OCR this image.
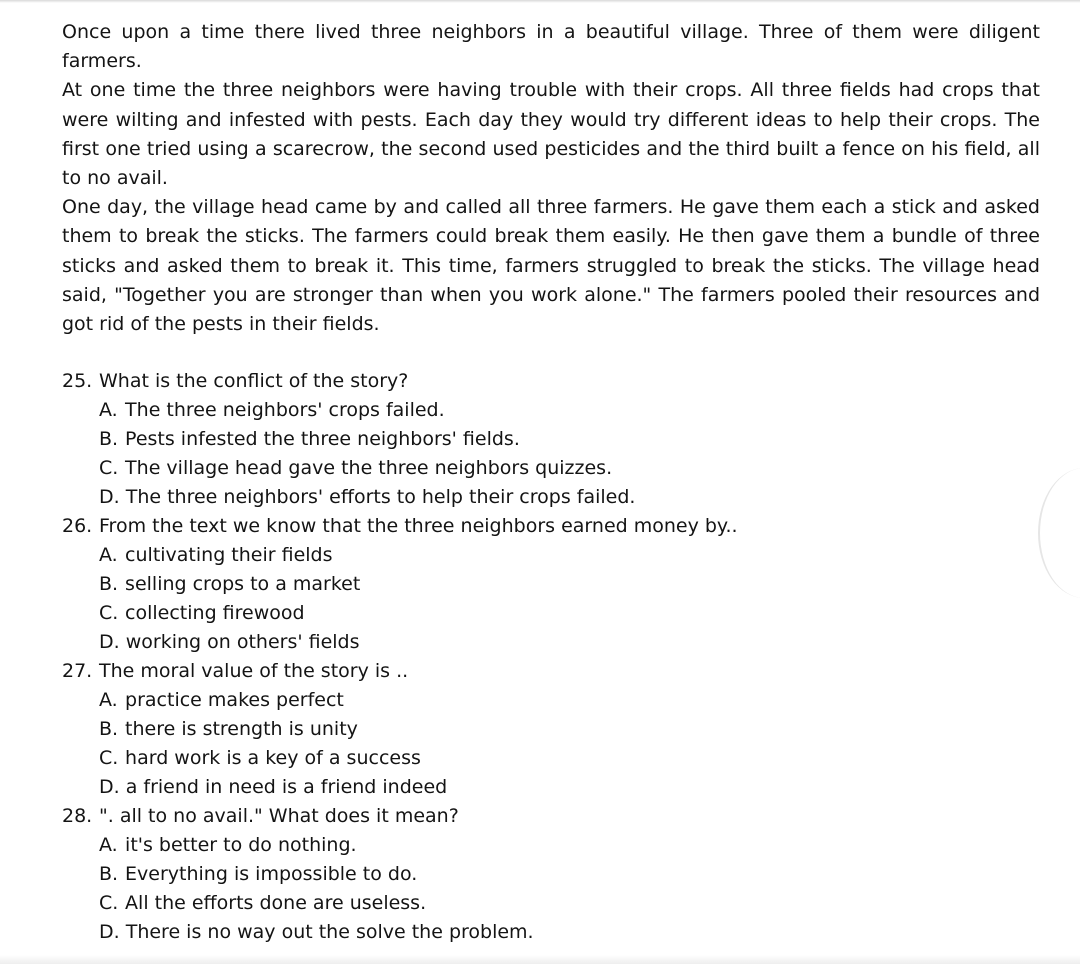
Once upon a time there lived three neighbors in a beautiful village. Three of them were diligent farmers.

At one time the three neighbors were having trouble with their crops. All three fields had crops that were wilting and infested with pests. Each day they would try different ideas to help their crops. The first one tried using a scarecrow, the second used pesticides and the third built a fence on his field, all to no avail.

One day, the village head came by and called all three farmers. He gave them each a stick and asked them to break the sticks. The farmers could break them easily. He then gave them a bundle of three sticks and asked them to break it. This time, farmers struggled to break the sticks. The village head said, "Together you are stronger than when you work alone." The farmers pooled their resources and got rid of the pests in their fields.

25. What is the conflict of the story?
A. The three neighbors' crops failed.
B. Pests infested the three neighbors' fields.
C. The village head gave the three neighbors quizzes.
D. The three neighbors' efforts to help their crops failed.
26. From the text we know that the three neighbors earned money by..
A. cultivating their fields
B. selling crops to a market
C. collecting firewood
D. working on others' fields
27. The moral value of the story is ..
A. practice makes perfect
B. there is strength is unity
C. hard work is a key of a success
D. a friend in need is a friend indeed
28. ". all to no avail." What does it mean?
A. it's better to do nothing.
B. Everything is impossible to do.
C. All the efforts done are useless.
D. There is no way out the solve the problem.
